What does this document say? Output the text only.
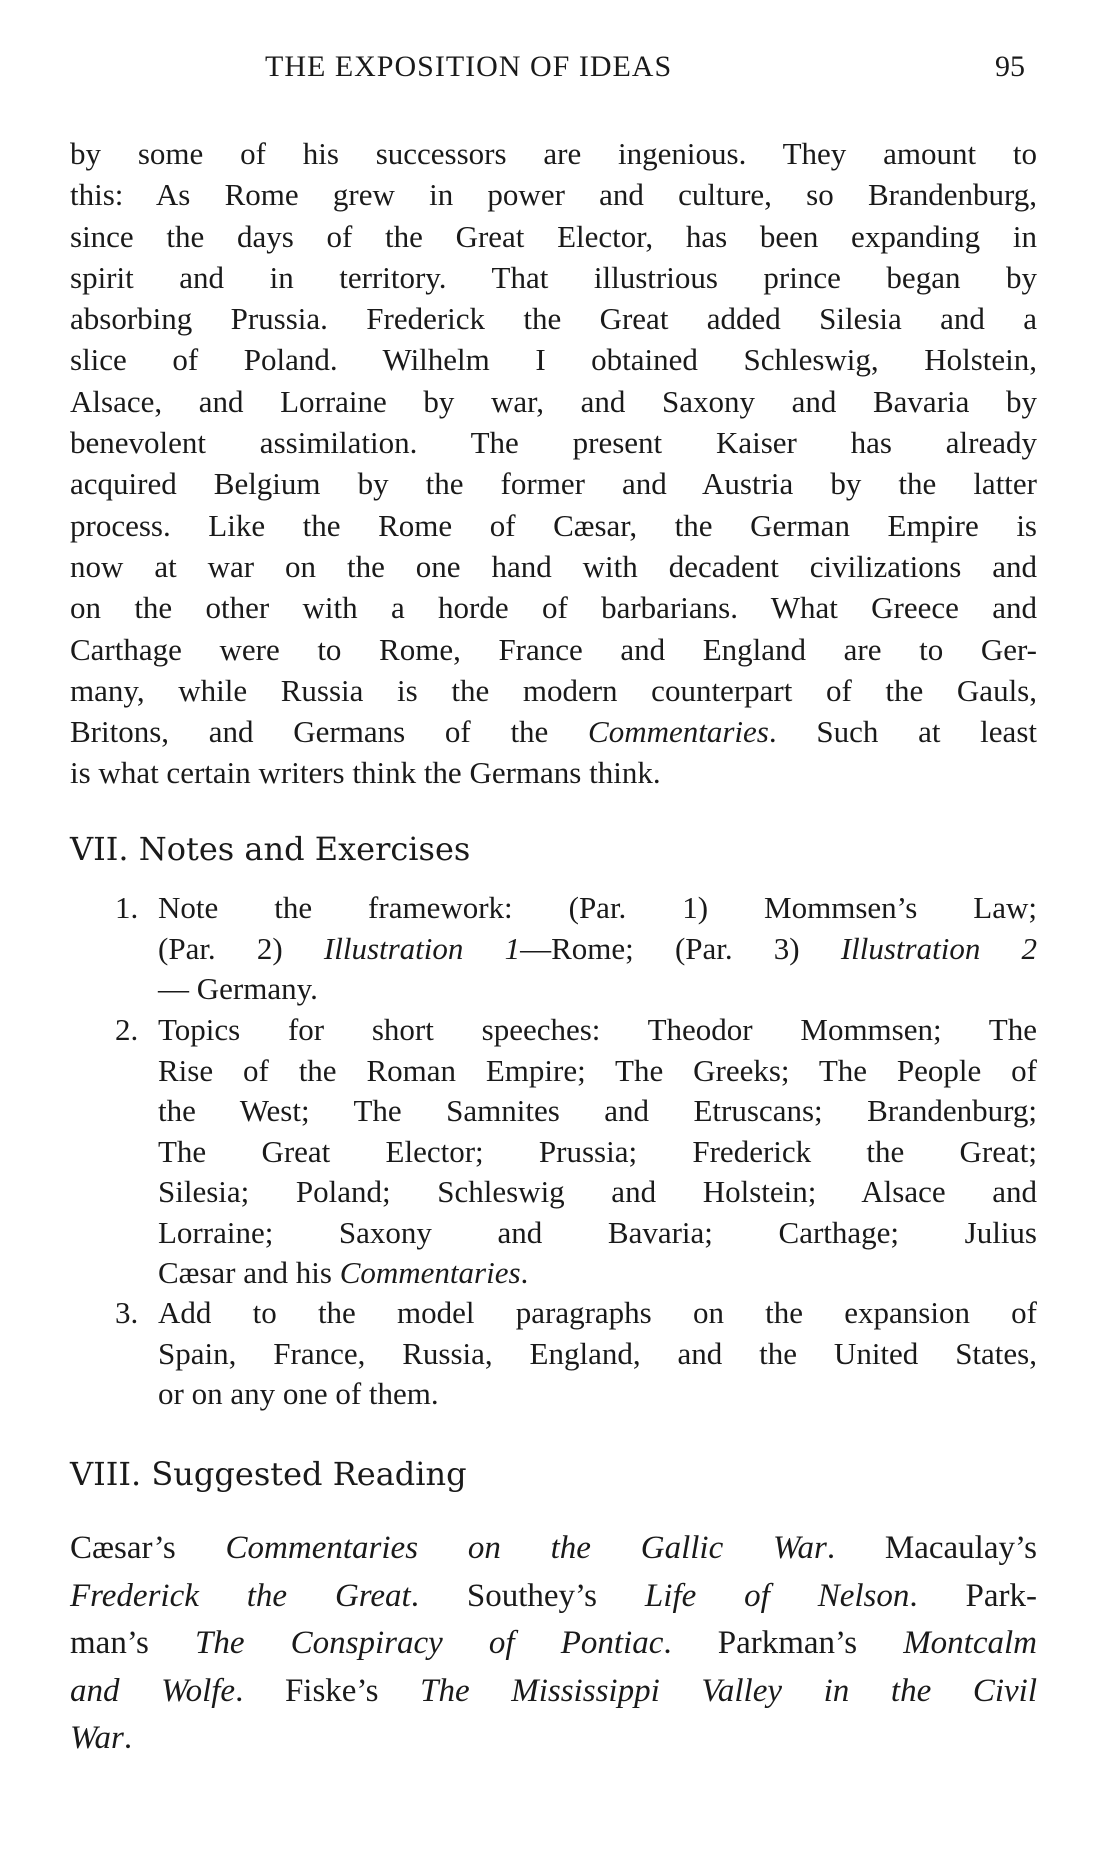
THE EXPOSITION OF IDEAS	95
by some of his successors are ingenious. They amount to
this: As Rome grew in power and culture, so Brandenburg,
since the days of the Great Elector, has been expanding in
spirit and in territory. That illustrious prince began by
absorbing Prussia. Frederick the Great added Silesia and a
slice of Poland. Wilhelm I obtained Schleswig, Holstein,
Alsace, and Lorraine by war, and Saxony and Bavaria by
benevolent assimilation. The present Kaiser has already
acquired Belgium by the former and Austria by the latter
process. Like the Rome of Cæsar, the German Empire is
now at war on the one hand with decadent civilizations and
on the other with a horde of barbarians. What Greece and
Carthage were to Rome, France and England are to Ger-
many, while Russia is the modern counterpart of the Gauls,
Britons, and Germans of the Commentaries. Such at least
is what certain writers think the Germans think.
VII. Notes and Exercises
1. Note the framework: (Par. 1) Mommsen’s Law;
(Par. 2) Illustration 1—Rome; (Par. 3) Illustration 2
— Germany.
2. Topics for short speeches: Theodor Mommsen; The
Rise of the Roman Empire; The Greeks; The People of
the West; The Samnites and Etruscans; Brandenburg;
The Great Elector; Prussia; Frederick the Great;
Silesia; Poland; Schleswig and Holstein; Alsace and
Lorraine; Saxony and Bavaria; Carthage; Julius
Cæsar and his Commentaries.
3. Add to the model paragraphs on the expansion of
Spain, France, Russia, England, and the United States,
or on any one of them.
VIII. Suggested Reading
Cæsar’s Commentaries on the Gallic War. Macaulay’s
Frederick the Great. Southey’s Life of Nelson. Park-
man’s The Conspiracy of Pontiac. Parkman’s Montcalm
and Wolfe. Fiske’s The Mississippi Valley in the Civil
War.
